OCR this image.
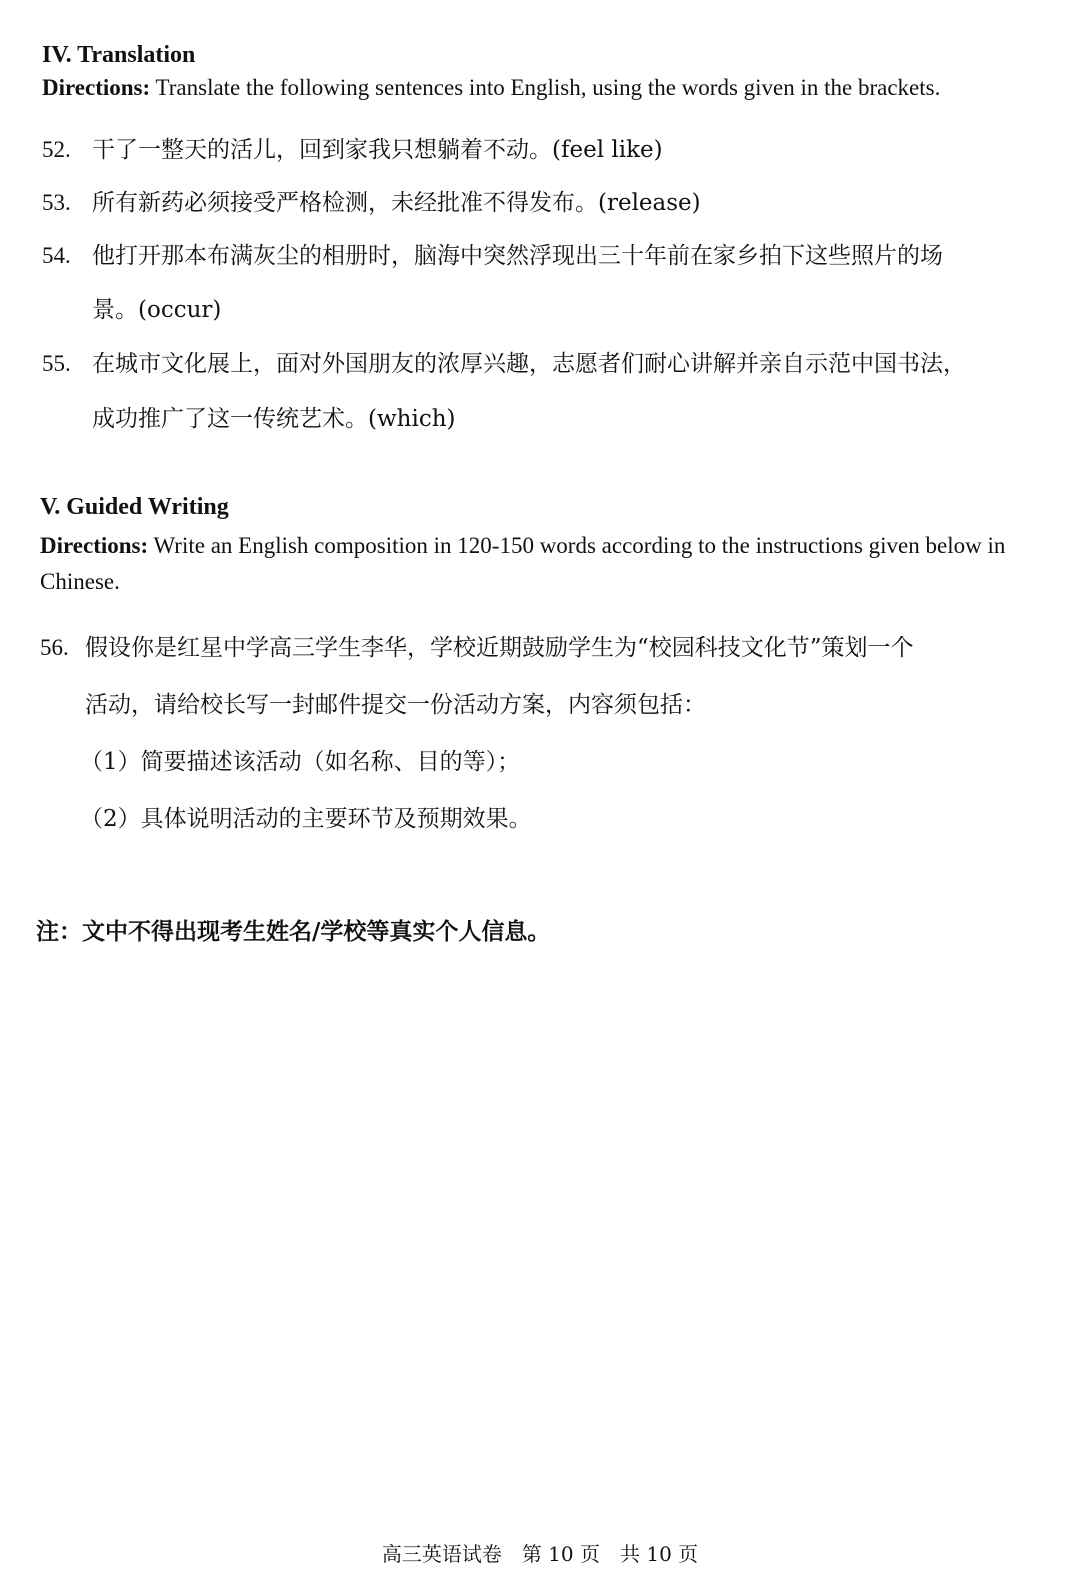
IV. Translation
Directions: Translate the following sentences into English, using the words given in the brackets.
52. 干了一整天的活儿，回到家我只想躺着不动。(feel like)
53. 所有新药必须接受严格检测，未经批准不得发布。(release)
54. 他打开那本布满灰尘的相册时，脑海中突然浮现出三十年前在家乡拍下这些照片的场
景。(occur)
55. 在城市文化展上，面对外国朋友的浓厚兴趣，志愿者们耐心讲解并亲自示范中国书法，
成功推广了这一传统艺术。(which)
V. Guided Writing
Directions: Write an English composition in 120-150 words according to the instructions given below in Chinese.
56. 假设你是红星中学高三学生李华，学校近期鼓励学生为“校园科技文化节”策划一个
活动，请给校长写一封邮件提交一份活动方案，内容须包括：
（1）简要描述该活动（如名称、目的等）；
（2）具体说明活动的主要环节及预期效果。
注：文中不得出现考生姓名/学校等真实个人信息。
高三英语试卷 第 10 页 共 10 页
